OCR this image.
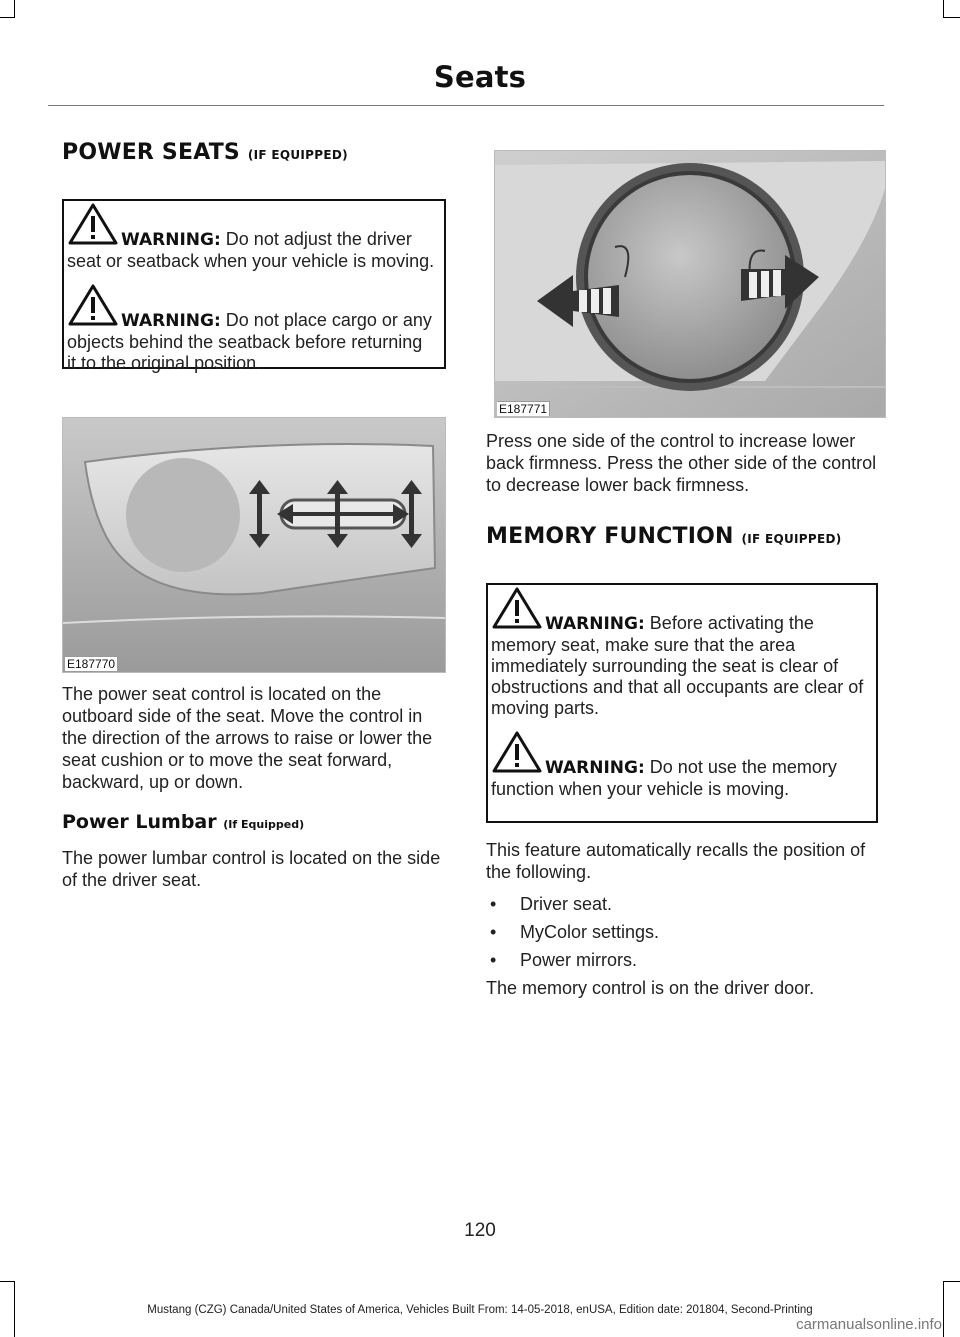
Seats
POWER SEATS (IF EQUIPPED)

WARNING: Do not adjust the driver seat or seatback when your vehicle is moving.

WARNING: Do not place cargo or any objects behind the seatback before returning it to the original position.

E187770

The power seat control is located on the outboard side of the seat. Move the control in the direction of the arrows to raise or lower the seat cushion or to move the seat forward, backward, up or down.

Power Lumbar (If Equipped)

The power lumbar control is located on the side of the driver seat.

E187771

Press one side of the control to increase lower back firmness. Press the other side of the control to decrease lower back firmness.

MEMORY FUNCTION (IF EQUIPPED)

WARNING: Before activating the memory seat, make sure that the area immediately surrounding the seat is clear of obstructions and that all occupants are clear of moving parts.

WARNING: Do not use the memory function when your vehicle is moving.

This feature automatically recalls the position of the following.

• Driver seat.
• MyColor settings.
• Power mirrors.

The memory control is on the driver door.

120
Mustang (CZG) Canada/United States of America, Vehicles Built From: 14-05-2018, enUSA, Edition date: 201804, Second-Printing
carmanualsonline.info
